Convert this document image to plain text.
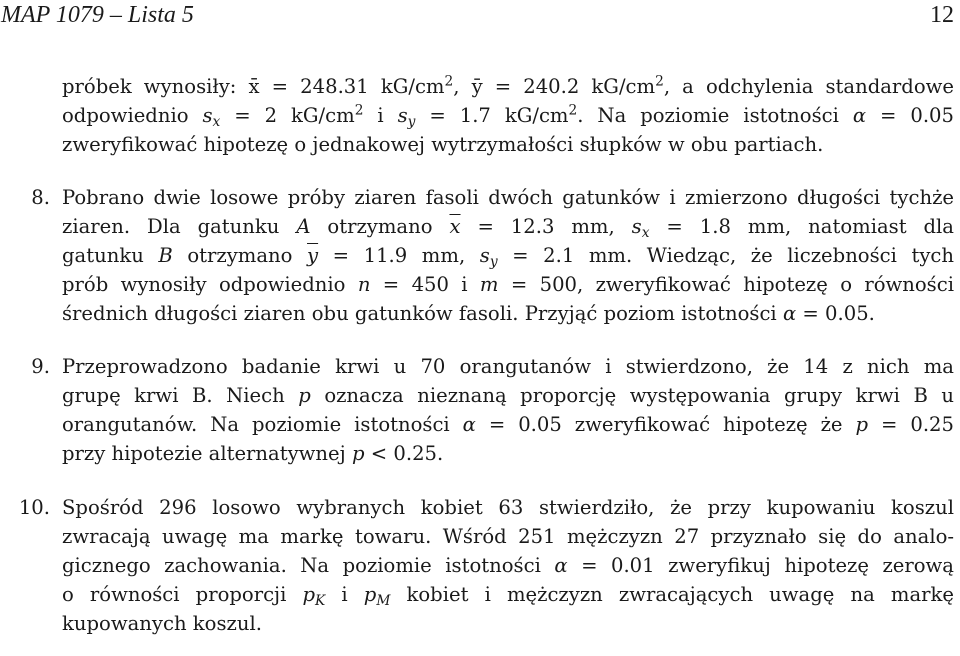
MAP 1079 – Lista 5	12
próbek wynosiły: x̄ = 248.31 $kG/cm^2$, ȳ = 240.2 $kG/cm^2$, a odchylenia standardowe
odpowiednio $s_x = 2$ $kG/cm^2$ i $s_y = 1.7$ $kG/cm^2$. Na poziomie istotności α = 0.05
zweryfikować hipotezę o jednakowej wytrzymałości słupków w obu partiach.
8. Pobrano dwie losowe próby ziaren fasoli dwóch gatunków i zmierzono długości tychże
ziaren. Dla gatunku A otrzymano $\overline{x} = 12.3$ mm, $s_x = 1.8$ mm, natomiast dla
gatunku B otrzymano $\overline{y} = 11.9$ mm, $s_y = 2.1$ mm. Wiedząc, że liczebności tych
prób wynosiły odpowiednio n = 450 i m = 500, zweryfikować hipotezę o równości
średnich długości ziaren obu gatunków fasoli. Przyjąć poziom istotności α = 0.05.
9. Przeprowadzono badanie krwi u 70 orangutanów i stwierdzono, że 14 z nich ma
grupę krwi B. Niech p oznacza nieznaną proporcję występowania grupy krwi B u
orangutanów. Na poziomie istotności α = 0.05 zweryfikować hipotezę że p = 0.25
przy hipotezie alternatywnej p < 0.25.
10. Spośród 296 losowo wybranych kobiet 63 stwierdziło, że przy kupowaniu koszul
zwracają uwagę ma markę towaru. Wśród 251 mężczyzn 27 przyznało się do analo-
gicznego zachowania. Na poziomie istotności α = 0.01 zweryfikuj hipotezę zerową
o równości proporcji $p_K$ i $p_M$ kobiet i mężczyzn zwracających uwagę na markę
kupowanych koszul.
